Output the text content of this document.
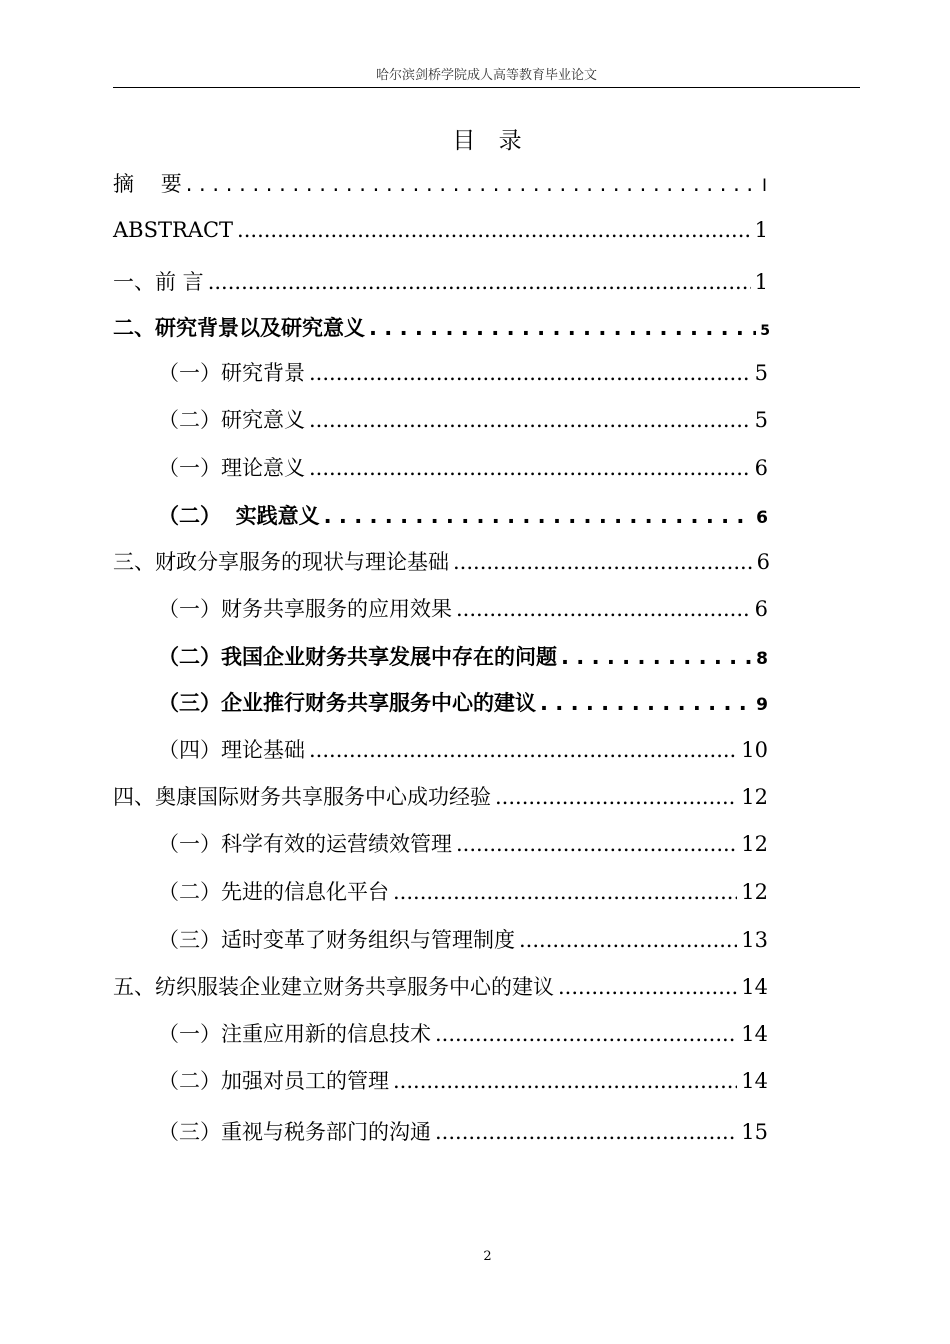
哈尔滨剑桥学院成人高等教育毕业论文
目 录
摘    要 . . .	I
ABSTRACT .....	1
一、前 言 .....	1
二、研究背景以及研究意义 . . .	5
（一）研究背景 .....	5
（二）研究意义 .....	5
（一）理论意义 .....	6
（二）  实践意义 . . .	6
三、财政分享服务的现状与理论基础 .....	6
（一）财务共享服务的应用效果 .....	6
（二）我国企业财务共享发展中存在的问题 . . .	8
（三）企业推行财务共享服务中心的建议 . . .	9
（四）理论基础 .....	10
四、奥康国际财务共享服务中心成功经验 .....	12
（一）科学有效的运营绩效管理 .....	12
（二）先进的信息化平台 .....	12
（三）适时变革了财务组织与管理制度 .....	13
五、纺织服装企业建立财务共享服务中心的建议 .....	14
（一）注重应用新的信息技术 .....	14
（二）加强对员工的管理 .....	14
（三）重视与税务部门的沟通 .....	15
2
